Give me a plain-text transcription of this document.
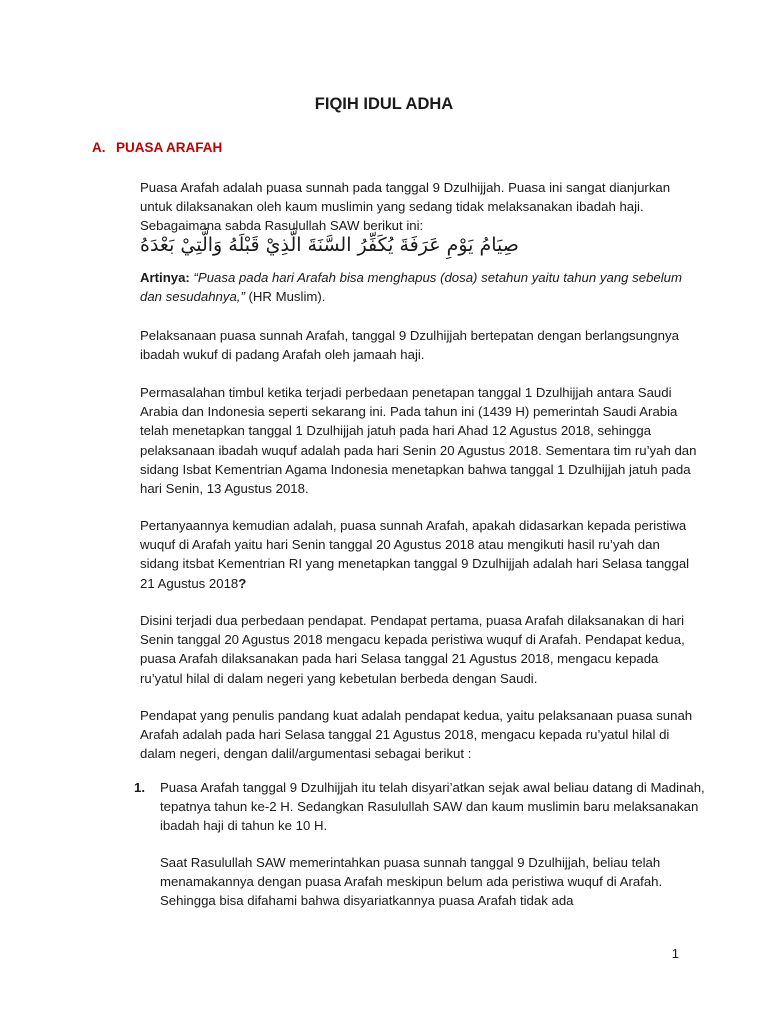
FIQIH IDUL ADHA
A. PUASA ARAFAH

Puasa Arafah adalah puasa sunnah pada tanggal 9 Dzulhijjah. Puasa ini sangat dianjurkan untuk dilaksanakan oleh kaum muslimin yang sedang tidak melaksanakan ibadah haji. Sebagaimana sabda Rasulullah SAW berikut ini:

صِيَامُ يَوْمِ عَرَفَةَ يُكَفِّرُ السَّنَةَ الَّذِيْ قَبْلَهُ وَالَّتِيْ بَعْدَهُ

Artinya: “Puasa pada hari Arafah bisa menghapus (dosa) setahun yaitu tahun yang sebelum dan sesudahnya,” (HR Muslim).

Pelaksanaan puasa sunnah Arafah, tanggal 9 Dzulhijjah bertepatan dengan berlangsungnya ibadah wukuf di padang Arafah oleh jamaah haji.

Permasalahan timbul ketika terjadi perbedaan penetapan tanggal 1 Dzulhijjah antara Saudi Arabia dan Indonesia seperti sekarang ini. Pada tahun ini (1439 H) pemerintah Saudi Arabia telah menetapkan tanggal 1 Dzulhijjah jatuh pada hari Ahad 12 Agustus 2018, sehingga pelaksanaan ibadah wuquf adalah pada hari Senin 20 Agustus 2018. Sementara tim ru’yah dan sidang Isbat Kementrian Agama Indonesia menetapkan bahwa tanggal 1 Dzulhijjah jatuh pada hari Senin, 13 Agustus 2018.

Pertanyaannya kemudian adalah, puasa sunnah Arafah, apakah didasarkan kepada peristiwa wuquf di Arafah yaitu hari Senin tanggal 20 Agustus 2018 atau mengikuti hasil ru’yah dan sidang itsbat Kementrian RI yang menetapkan tanggal 9 Dzulhijjah adalah hari Selasa tanggal 21 Agustus 2018?

Disini terjadi dua perbedaan pendapat. Pendapat pertama, puasa Arafah dilaksanakan di hari Senin tanggal 20 Agustus 2018 mengacu kepada peristiwa wuquf di Arafah. Pendapat kedua, puasa Arafah dilaksanakan pada hari Selasa tanggal 21 Agustus 2018, mengacu kepada ru’yatul hilal di dalam negeri yang kebetulan berbeda dengan Saudi.

Pendapat yang penulis pandang kuat adalah pendapat kedua, yaitu pelaksanaan puasa sunah Arafah adalah pada hari Selasa tanggal 21 Agustus 2018, mengacu kepada ru’yatul hilal di dalam negeri, dengan dalil/argumentasi sebagai berikut :

1. Puasa Arafah tanggal 9 Dzulhijjah itu telah disyari’atkan sejak awal beliau datang di Madinah, tepatnya tahun ke-2 H. Sedangkan Rasulullah SAW dan kaum muslimin baru melaksanakan ibadah haji di tahun ke 10 H.

Saat Rasulullah SAW memerintahkan puasa sunnah tanggal 9 Dzulhijjah, beliau telah menamakannya dengan puasa Arafah meskipun belum ada peristiwa wuquf di Arafah. Sehingga bisa difahami bahwa disyariatkannya puasa Arafah tidak ada

1
